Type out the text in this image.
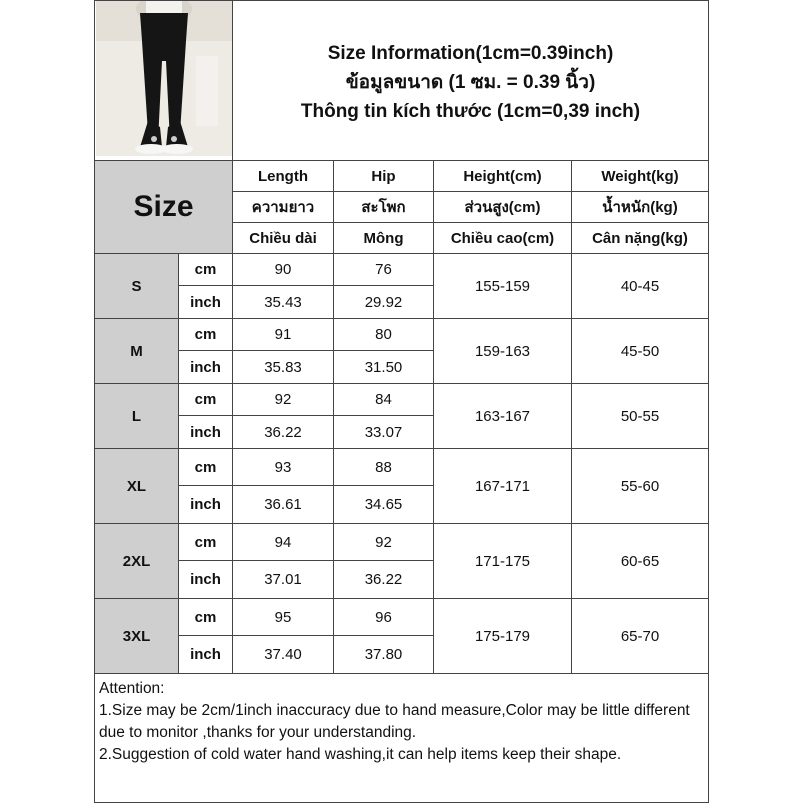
Size Information(1cm=0.39inch)
ข้อมูลขนาด (1 ซม. = 0.39 นิ้ว)
Thông tin kích thước (1cm=0,39 inch)			

Size		Length	Hip	Height(cm)	Weight(kg)
		ความยาว	สะโพก	ส่วนสูง(cm)	น้ำหนัก(kg)
		Chiều dài	Mông	Chiều cao(cm)	Cân nặng(kg)
S	cm	90	76	155-159	40-45
	inch	35.43	29.92		
M	cm	91	80	159-163	45-50
	inch	35.83	31.50		
L	cm	92	84	163-167	50-55
	inch	36.22	33.07		
XL	cm	93	88	167-171	55-60
	inch	36.61	34.65		
2XL	cm	94	92	171-175	60-65
	inch	37.01	36.22		
3XL	cm	95	96	175-179	65-70
	inch	37.40	37.80		

Attention:
1.Size may be 2cm/1inch inaccuracy due to hand measure,Color may be little different due to monitor ,thanks for your understanding.
2.Suggestion of cold water hand washing,it can help items keep their shape.					
